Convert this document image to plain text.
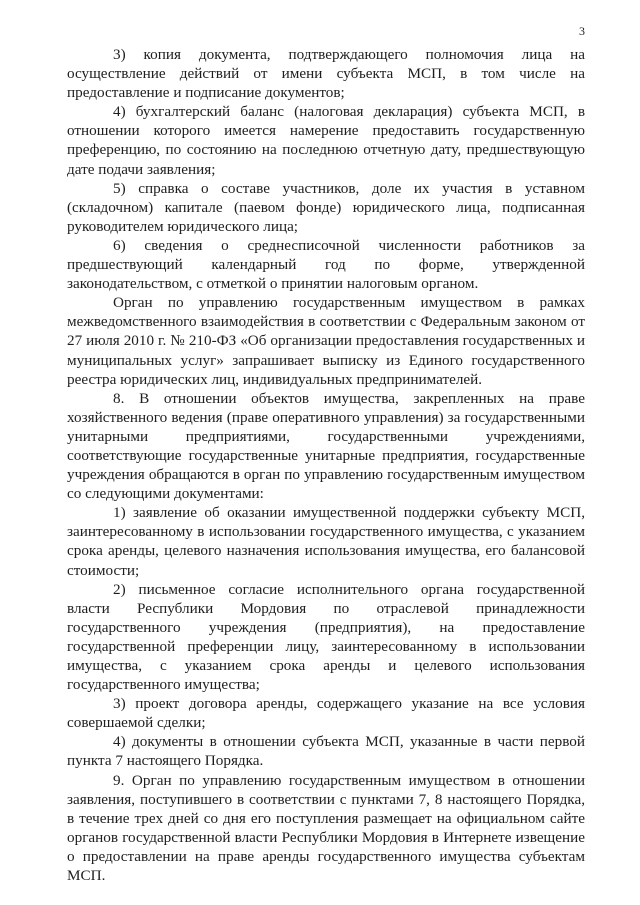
3

3) копия документа, подтверждающего полномочия лица на осуществление действий от имени субъекта МСП, в том числе на предоставление и подписание документов;

4) бухгалтерский баланс (налоговая декларация) субъекта МСП, в отношении которого имеется намерение предоставить государственную преференцию, по состоянию на последнюю отчетную дату, предшествующую дате подачи заявления;

5) справка о составе участников, доле их участия в уставном (складочном) капитале (паевом фонде) юридического лица, подписанная руководителем юридического лица;

6) сведения о среднесписочной численности работников за предшествующий календарный год по форме, утвержденной законодательством, с отметкой о принятии налоговым органом.

Орган по управлению государственным имуществом в рамках межведомственного взаимодействия в соответствии с Федеральным законом от 27 июля 2010 г. № 210-ФЗ «Об организации предоставления государственных и муниципальных услуг» запрашивает выписку из Единого государственного реестра юридических лиц, индивидуальных предпринимателей.

8. В отношении объектов имущества, закрепленных на праве хозяйственного ведения (праве оперативного управления) за государственными унитарными предприятиями, государственными учреждениями, соответствующие государственные унитарные предприятия, государственные учреждения обращаются в орган по управлению государственным имуществом со следующими документами:

1) заявление об оказании имущественной поддержки субъекту МСП, заинтересованному в использовании государственного имущества, с указанием срока аренды, целевого назначения использования имущества, его балансовой стоимости;

2) письменное согласие исполнительного органа государственной власти Республики Мордовия по отраслевой принадлежности государственного учреждения (предприятия), на предоставление государственной преференции лицу, заинтересованному в использовании имущества, с указанием срока аренды и целевого использования государственного имущества;

3) проект договора аренды, содержащего указание на все условия совершаемой сделки;

4) документы в отношении субъекта МСП, указанные в части первой пункта 7 настоящего Порядка.

9. Орган по управлению государственным имуществом в отношении заявления, поступившего в соответствии с пунктами 7, 8 настоящего Порядка, в течение трех дней со дня его поступления размещает на официальном сайте органов государственной власти Республики Мордовия в Интернете извещение о предоставлении на праве аренды государственного имущества субъектам МСП.
